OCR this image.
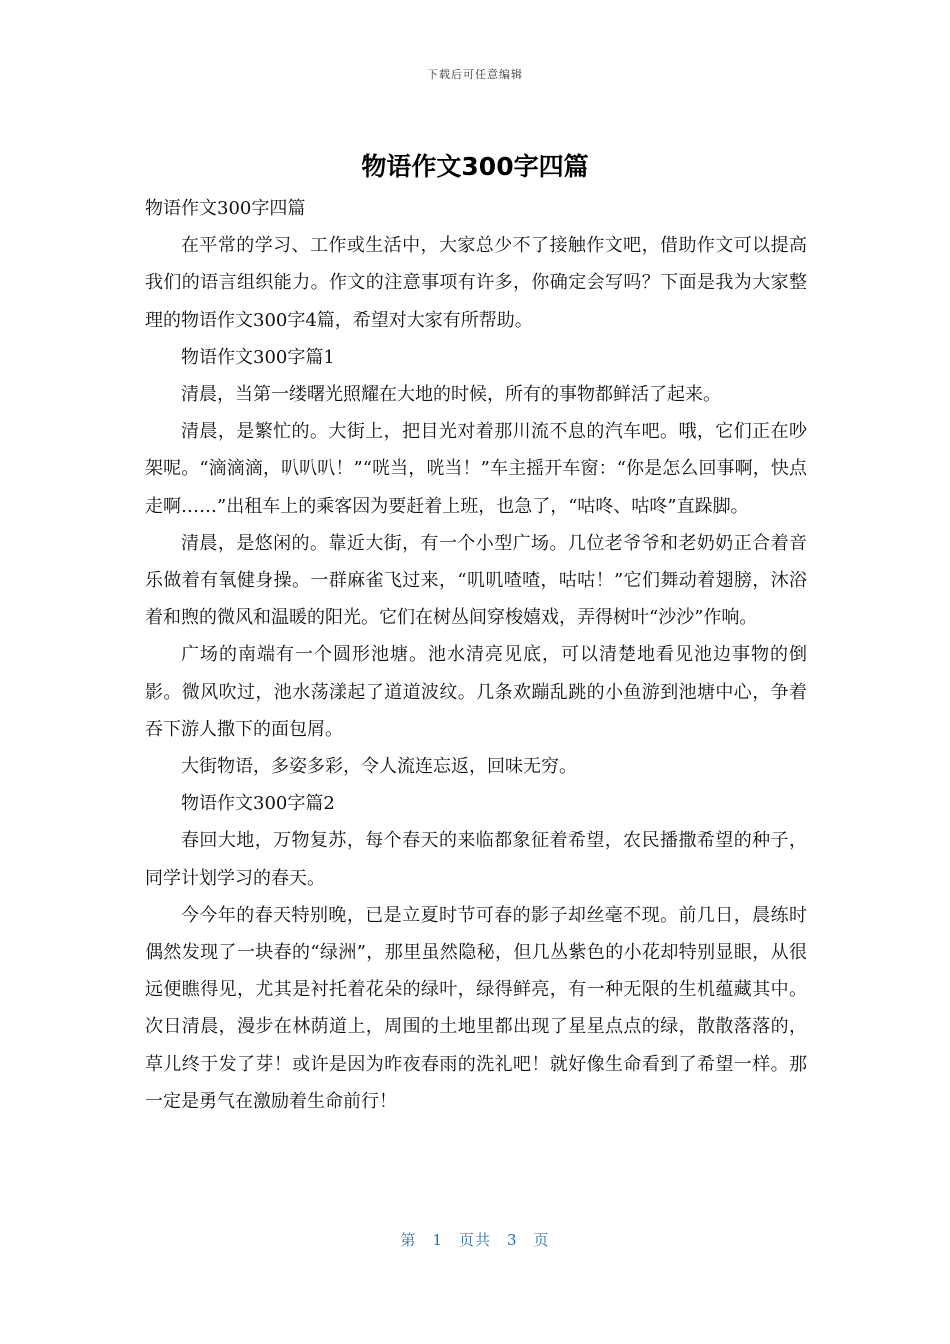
下载后可任意编辑
物语作文300字四篇

物语作文300字四篇

在平常的学习、工作或生活中，大家总少不了接触作文吧，借助作文可以提高我们的语言组织能力。作文的注意事项有许多，你确定会写吗？下面是我为大家整理的物语作文300字4篇，希望对大家有所帮助。

物语作文300字篇1

清晨，当第一缕曙光照耀在大地的时候，所有的事物都鲜活了起来。

清晨，是繁忙的。大街上，把目光对着那川流不息的汽车吧。哦，它们正在吵架呢。“滴滴滴，叭叭叭！”“咣当，咣当！”车主摇开车窗：“你是怎么回事啊，快点走啊……”出租车上的乘客因为要赶着上班，也急了，“咕咚、咕咚”直跺脚。

清晨，是悠闲的。靠近大街，有一个小型广场。几位老爷爷和老奶奶正合着音乐做着有氧健身操。一群麻雀飞过来，“叽叽喳喳，咕咕！”它们舞动着翅膀，沐浴着和煦的微风和温暖的阳光。它们在树丛间穿梭嬉戏，弄得树叶“沙沙”作响。

广场的南端有一个圆形池塘。池水清亮见底，可以清楚地看见池边事物的倒影。微风吹过，池水荡漾起了道道波纹。几条欢蹦乱跳的小鱼游到池塘中心，争着吞下游人撒下的面包屑。

大街物语，多姿多彩，令人流连忘返，回味无穷。

物语作文300字篇2

春回大地，万物复苏，每个春天的来临都象征着希望，农民播撒希望的种子，同学计划学习的春天。

今今年的春天特别晚，已是立夏时节可春的影子却丝毫不现。前几日，晨练时偶然发现了一块春的“绿洲”，那里虽然隐秘，但几丛紫色的小花却特别显眼，从很远便瞧得见，尤其是衬托着花朵的绿叶，绿得鲜亮，有一种无限的生机蕴藏其中。次日清晨，漫步在林荫道上，周围的土地里都出现了星星点点的绿，散散落落的，草儿终于发了芽！或许是因为昨夜春雨的洗礼吧！就好像生命看到了希望一样。那一定是勇气在激励着生命前行！

第 1 页共 3 页
